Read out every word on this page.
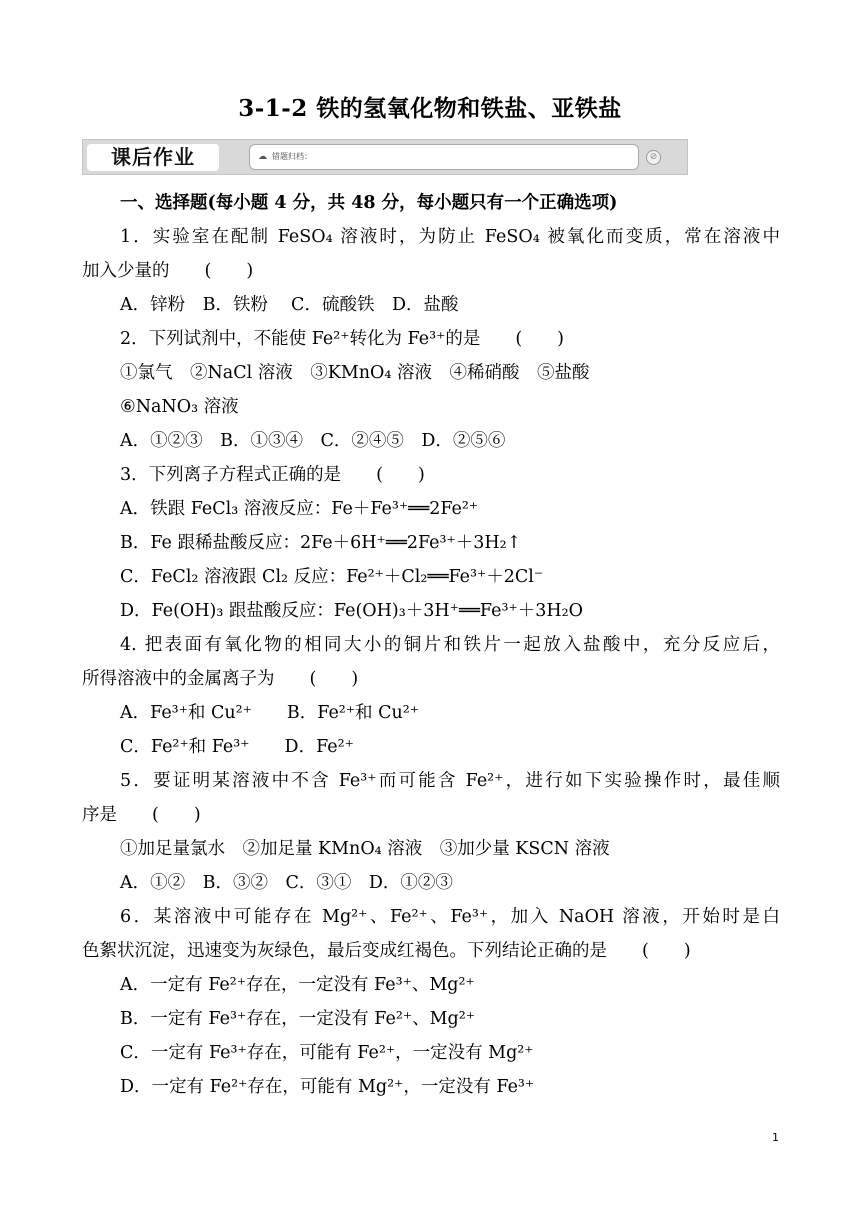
3-1-2 铁的氢氧化物和铁盐、亚铁盐
课后作业	☁ 错题归档：	⊘
一、选择题(每小题 4 分，共 48 分，每小题只有一个正确选项)
1．实验室在配制 FeSO₄ 溶液时，为防止 FeSO₄ 被氧化而变质，常在溶液中
加入少量的　　(　　)
A．锌粉　B．铁粉　 C．硫酸铁　D．盐酸
2．下列试剂中，不能使 Fe²⁺转化为 Fe³⁺的是　　(　　)
①氯气　②NaCl 溶液　③KMnO₄ 溶液　④稀硝酸　⑤盐酸
⑥NaNO₃ 溶液
A．①②③　B．①③④　C．②④⑤　D．②⑤⑥
3．下列离子方程式正确的是　　(　　)
A．铁跟 FeCl₃ 溶液反应：Fe＋Fe³⁺══2Fe²⁺
B．Fe 跟稀盐酸反应：2Fe＋6H⁺══2Fe³⁺＋3H₂↑
C．FeCl₂ 溶液跟 Cl₂ 反应：Fe²⁺＋Cl₂══Fe³⁺＋2Cl⁻
D．Fe(OH)₃ 跟盐酸反应：Fe(OH)₃＋3H⁺══Fe³⁺＋3H₂O
4. 把表面有氧化物的相同大小的铜片和铁片一起放入盐酸中，充分反应后，
所得溶液中的金属离子为　　(　　)
A．Fe³⁺和 Cu²⁺　　B．Fe²⁺和 Cu²⁺
C．Fe²⁺和 Fe³⁺　　D．Fe²⁺
5．要证明某溶液中不含 Fe³⁺而可能含 Fe²⁺，进行如下实验操作时，最佳顺
序是　　(　　)
①加足量氯水　②加足量 KMnO₄ 溶液　③加少量 KSCN 溶液
A．①②　B．③②　C．③①　D．①②③
6．某溶液中可能存在 Mg²⁺、Fe²⁺、Fe³⁺，加入 NaOH 溶液，开始时是白
色絮状沉淀，迅速变为灰绿色，最后变成红褐色。下列结论正确的是　　(　　)
A．一定有 Fe²⁺存在，一定没有 Fe³⁺、Mg²⁺
B．一定有 Fe³⁺存在，一定没有 Fe²⁺、Mg²⁺
C．一定有 Fe³⁺存在，可能有 Fe²⁺，一定没有 Mg²⁺
D．一定有 Fe²⁺存在，可能有 Mg²⁺，一定没有 Fe³⁺
1
